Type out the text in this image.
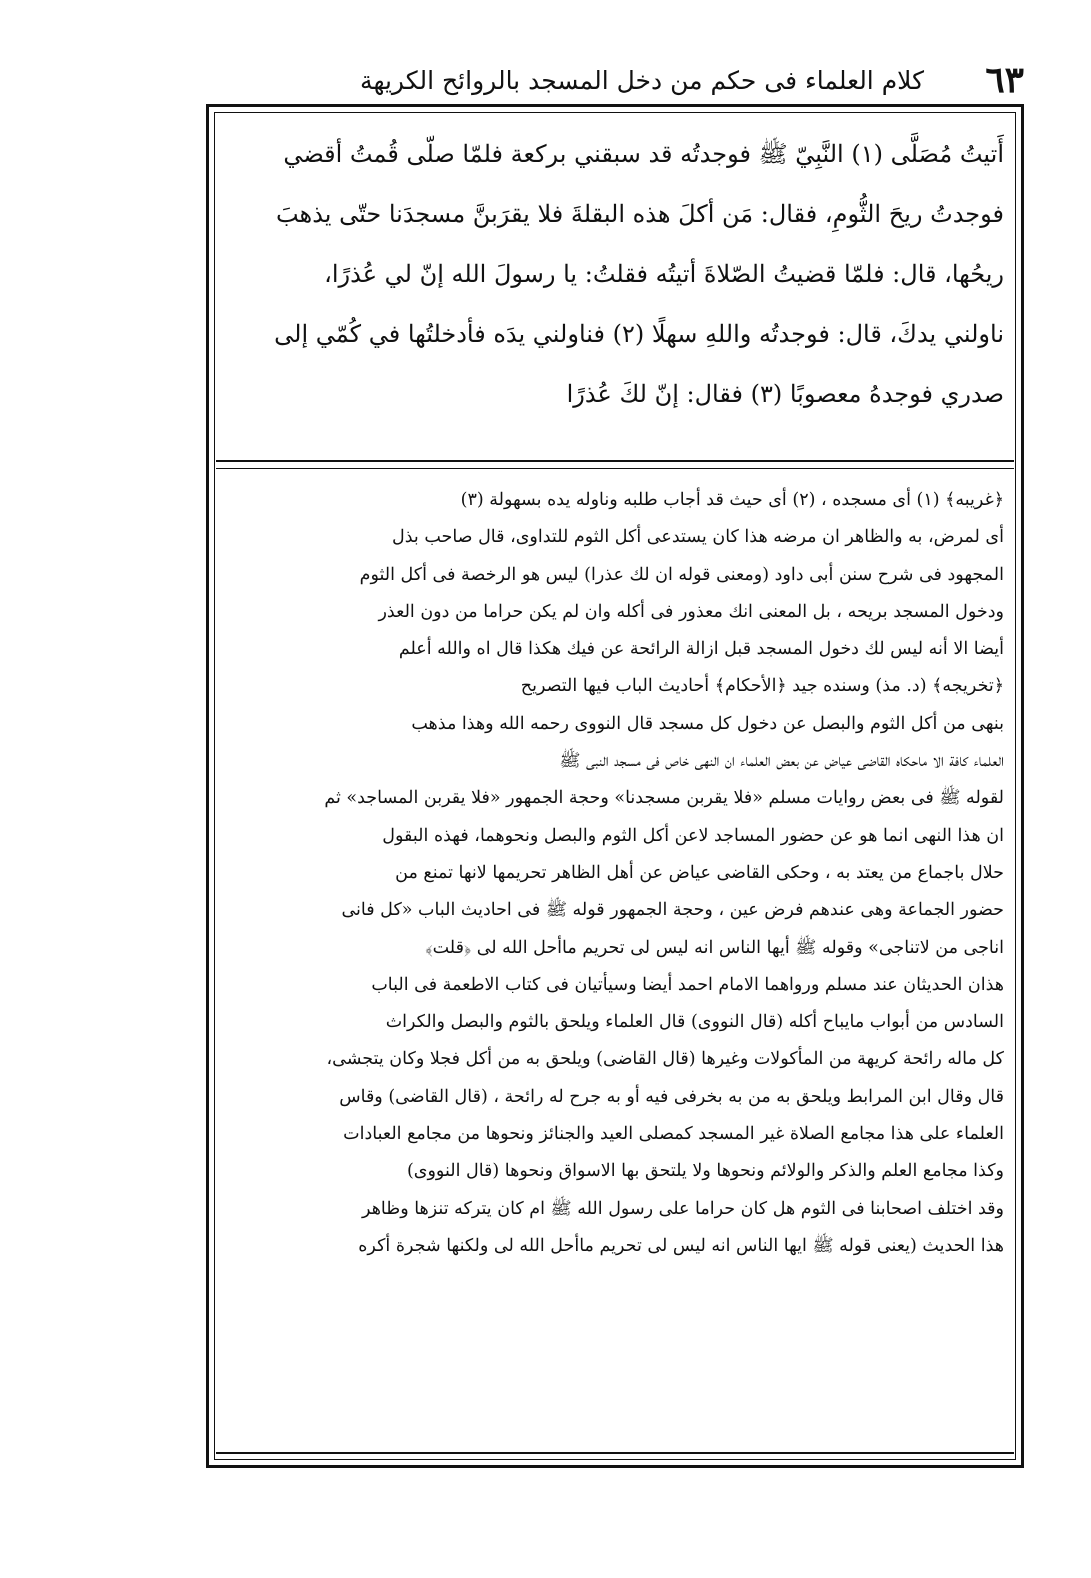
٦٣
كلام العلماء فى حكم من دخل المسجد بالروائح الكريهة
أَتيتُ مُصَلَّى (١) النَّبِيّ ﷺ فوجدتُه قد سبقني بركعة فلمّا صلّى قُمتُ أقضي
فوجدتُ ريحَ الثُّومِ، فقال: مَن أكلَ هذه البقلةَ فلا يقرَبنَّ مسجدَنا حتّى يذهبَ
ريحُها، قال: فلمّا قضيتُ الصّلاةَ أتيتُه فقلتُ: يا رسولَ الله إنّ لي عُذرًا،
ناولني يدكَ، قال: فوجدتُه واللهِ سهلًا (٢) فناولني يدَه فأدخلتُها في كُمّي إلى
صدري فوجدهُ معصوبًا (٣) فقال: إنّ لكَ عُذرًا
﴿غريبه﴾ (١) أى مسجده ، (٢) أى حيث قد أجاب طلبه وناوله يده بسهولة (٣)
أى لمرض، به والظاهر ان مرضه هذا كان يستدعى أكل الثوم للتداوى، قال صاحب بذل
المجهود فى شرح سنن أبى داود (ومعنى قوله ان لك عذرا) ليس هو الرخصة فى أكل الثوم
ودخول المسجد بريحه ، بل المعنى انك معذور فى أكله وان لم يكن حراما من دون العذر
أيضا الا أنه ليس لك دخول المسجد قبل ازالة الرائحة عن فيك هكذا قال اه والله أعلم
﴿تخريجه﴾ (د. مذ) وسنده جيد ﴿الأحكام﴾ أحاديث الباب فيها التصريح
بنهى من أكل الثوم والبصل عن دخول كل مسجد قال النووى رحمه الله وهذا مذهب
العلماء كافة الا ماحكاه القاضى عياض عن بعض العلماء ان النهى خاص فى مسجد النبى ﷺ
لقوله ﷺ فى بعض روايات مسلم «فلا يقربن مسجدنا» وحجة الجمهور «فلا يقربن المساجد» ثم
ان هذا النهى انما هو عن حضور المساجد لاعن أكل الثوم والبصل ونحوهما، فهذه البقول
حلال باجماع من يعتد به ، وحكى القاضى عياض عن أهل الظاهر تحريمها لانها تمنع من
حضور الجماعة وهى عندهم فرض عين ، وحجة الجمهور قوله ﷺ فى احاديث الباب «كل فانى
اناجى من لاتناجى» وقوله ﷺ أيها الناس انه ليس لى تحريم ماأحل الله لى ﴿قلت﴾
هذان الحديثان عند مسلم ورواهما الامام احمد أيضا وسيأتيان فى كتاب الاطعمة فى الباب
السادس من أبواب مايباح أكله (قال النووى) قال العلماء ويلحق بالثوم والبصل والكراث
كل ماله رائحة كريهة من المأكولات وغيرها (قال القاضى) ويلحق به من أكل فجلا وكان يتجشى،
قال وقال ابن المرابط ويلحق به من به بخرفى فيه أو به جرح له رائحة ، (قال القاضى) وقاس
العلماء على هذا مجامع الصلاة غير المسجد كمصلى العيد والجنائز ونحوها من مجامع العبادات
وكذا مجامع العلم والذكر والولائم ونحوها ولا يلتحق بها الاسواق ونحوها (قال النووى)
وقد اختلف اصحابنا فى الثوم هل كان حراما على رسول الله ﷺ ام كان يتركه تنزها وظاهر
هذا الحديث (يعنى قوله ﷺ ايها الناس انه ليس لى تحريم ماأحل الله لى ولكنها شجرة أكره
